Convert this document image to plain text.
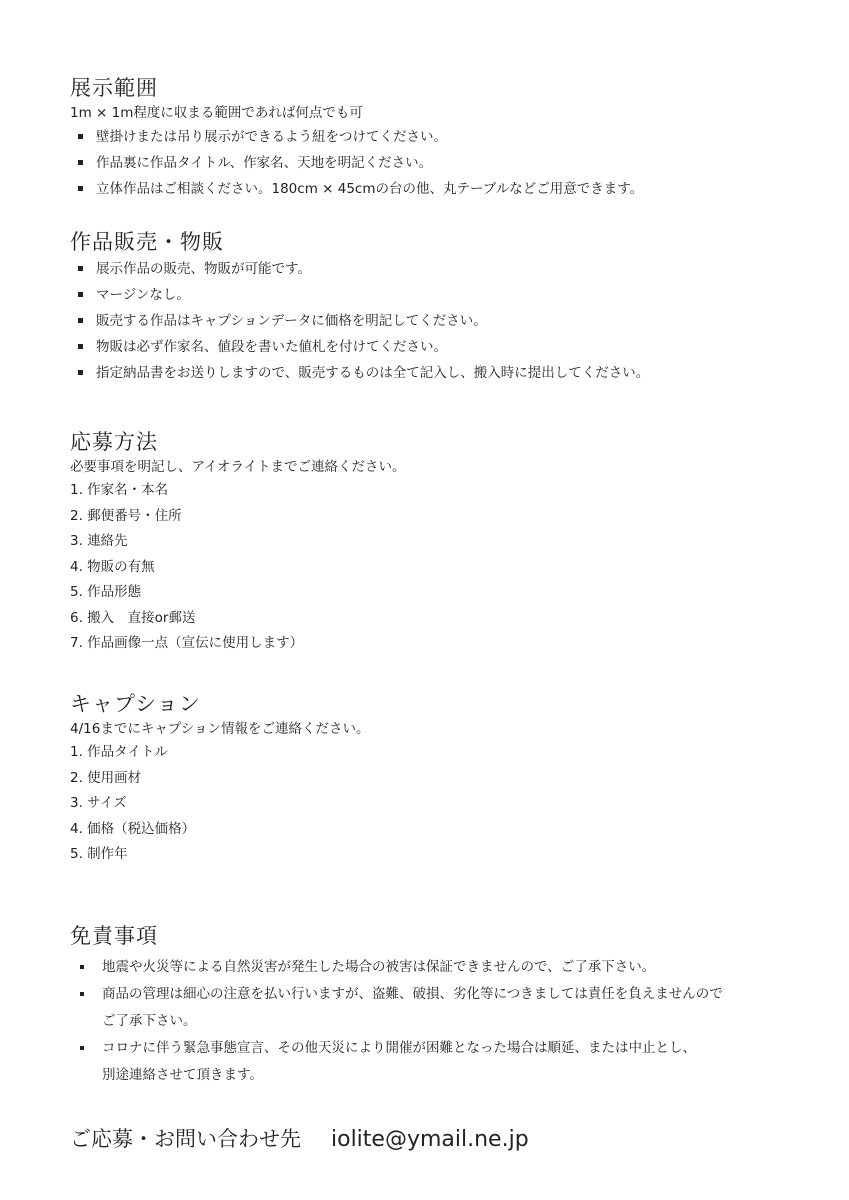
展示範囲

1m × 1m程度に収まる範囲であれば何点でも可

壁掛けまたは吊り展示ができるよう紐をつけてください。
作品裏に作品タイトル、作家名、天地を明記ください。
立体作品はご相談ください。180cm × 45cmの台の他、丸テーブルなどご用意できます。
作品販売・物販
展示作品の販売、物販が可能です。
マージンなし。
販売する作品はキャプションデータに価格を明記してください。
物販は必ず作家名、値段を書いた値札を付けてください。
指定納品書をお送りしますので、販売するものは全て記入し、搬入時に提出してください。
応募方法

必要事項を明記し、アイオライトまでご連絡ください。

1. 作家名・本名
2. 郵便番号・住所
3. 連絡先
4. 物販の有無
5. 作品形態
6. 搬入　直接or郵送
7. 作品画像一点（宣伝に使用します）
キャプション

4/16までにキャプション情報をご連絡ください。

1. 作品タイトル
2. 使用画材
3. サイズ
4. 価格（税込価格）
5. 制作年
免責事項
地震や火災等による自然災害が発生した場合の被害は保証できませんので、ご了承下さい。
商品の管理は細心の注意を払い行いますが、盗難、破損、劣化等につきましては責任を負えませんので
ご了承下さい。
コロナに伴う緊急事態宣言、その他天災により開催が困難となった場合は順延、または中止とし、
別途連絡させて頂きます。
ご応募・お問い合わせ先 iolite@ymail.ne.jp
